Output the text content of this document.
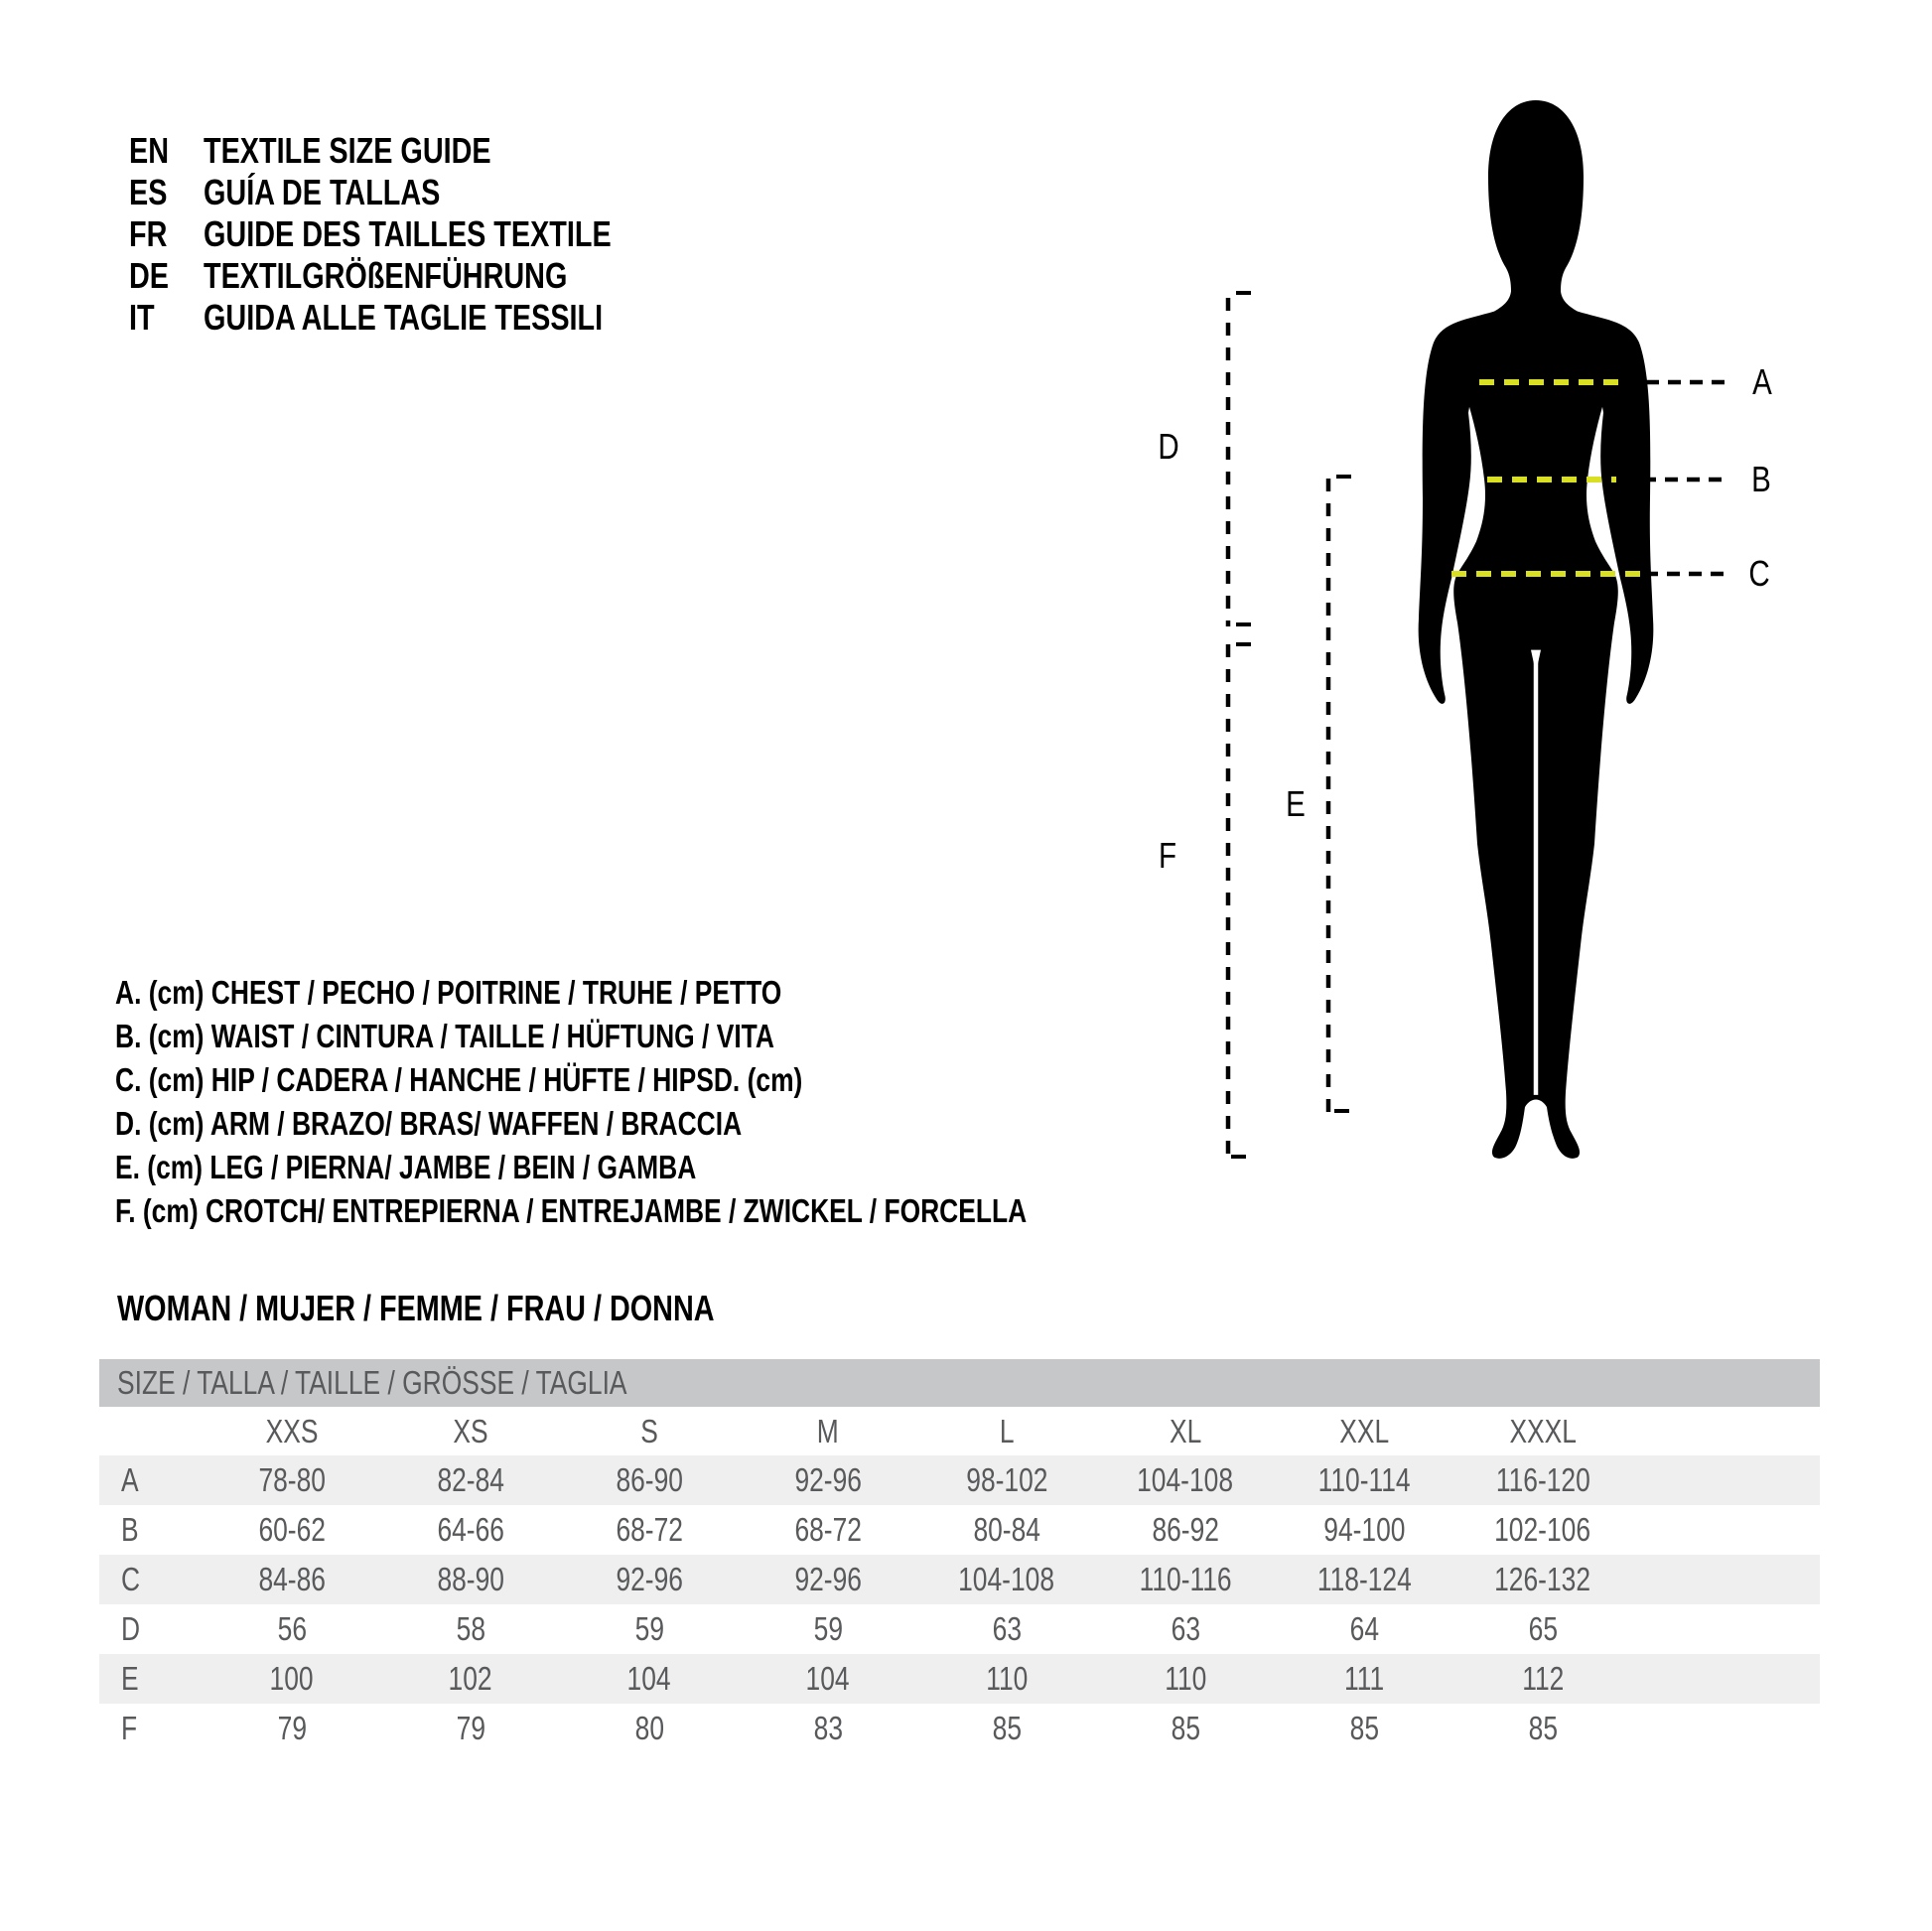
EN TEXTILE SIZE GUIDE
ES GUÍA DE TALLAS
FR GUIDE DES TAILLES TEXTILE
DE TEXTILGRÖßENFÜHRUNG
IT GUIDA ALLE TAGLIE TESSILI
A
B
C
D
E
F
A. (cm) CHEST / PECHO / POITRINE / TRUHE / PETTO
B. (cm) WAIST / CINTURA / TAILLE / HÜFTUNG / VITA
C. (cm) HIP / CADERA / HANCHE / HÜFTE / HIPSD. (cm)
D. (cm) ARM / BRAZO/ BRAS/ WAFFEN / BRACCIA
E. (cm) LEG / PIERNA/ JAMBE / BEIN / GAMBA
F. (cm) CROTCH/ ENTREPIERNA / ENTREJAMBE / ZWICKEL / FORCELLA
WOMAN / MUJER / FEMME / FRAU / DONNA
SIZE / TALLA / TAILLE / GRÖSSE / TAGLIA
XXS	XS	S	M	L	XL	XXL	XXXL
A	78-80	82-84	86-90	92-96	98-102	104-108	110-114	116-120
B	60-62	64-66	68-72	68-72	80-84	86-92	94-100	102-106
C	84-86	88-90	92-96	92-96	104-108	110-116	118-124	126-132
D	56	58	59	59	63	63	64	65
E	100	102	104	104	110	110	111	112
F	79	79	80	83	85	85	85	85
